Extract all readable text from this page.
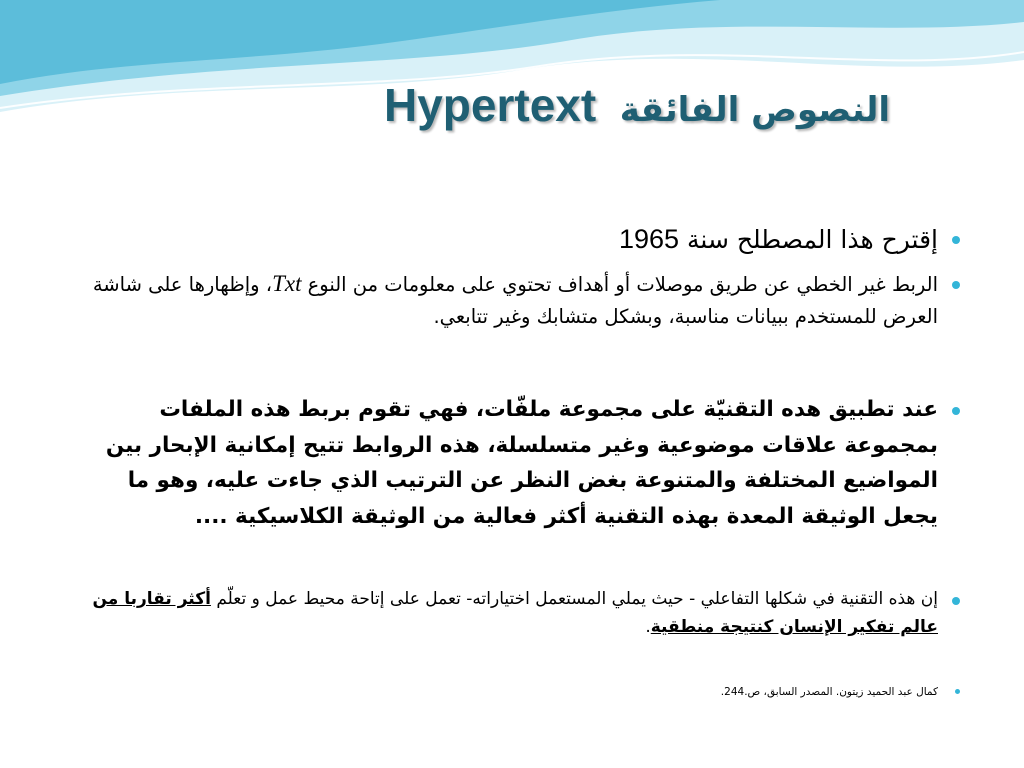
النصوص الفائقة Hypertext
إقترح هذا المصطلح سنة 1965
الربط غير الخطي عن طريق موصلات أو أهداف تحتوي على معلومات من النوع Txt، وإظهارها على شاشة العرض للمستخدم ببيانات مناسبة، وبشكل متشابك وغير تتابعي.
عند تطبيق هده التقنيّة على مجموعة ملفّات، فهي تقوم بربط هذه الملفات بمجموعة علاقات موضوعية وغير متسلسلة، هذه الروابط تتيح إمكانية الإبحار بين المواضيع المختلفة والمتنوعة بغض النظر عن الترتيب الذي جاءت عليه، وهو ما يجعل الوثيقة المعدة بهذه التقنية أكثر فعالية من الوثيقة الكلاسيكية ....
إن هذه التقنية في شكلها التفاعلي - حيث يملي المستعمل اختياراته- تعمل على إتاحة محيط عمل و تعلّم أكثر تقاربا من عالم تفكير الإنسان كنتيجة منطقية.
كمال عبد الحميد زيتون. المصدر السابق، ص.244.
